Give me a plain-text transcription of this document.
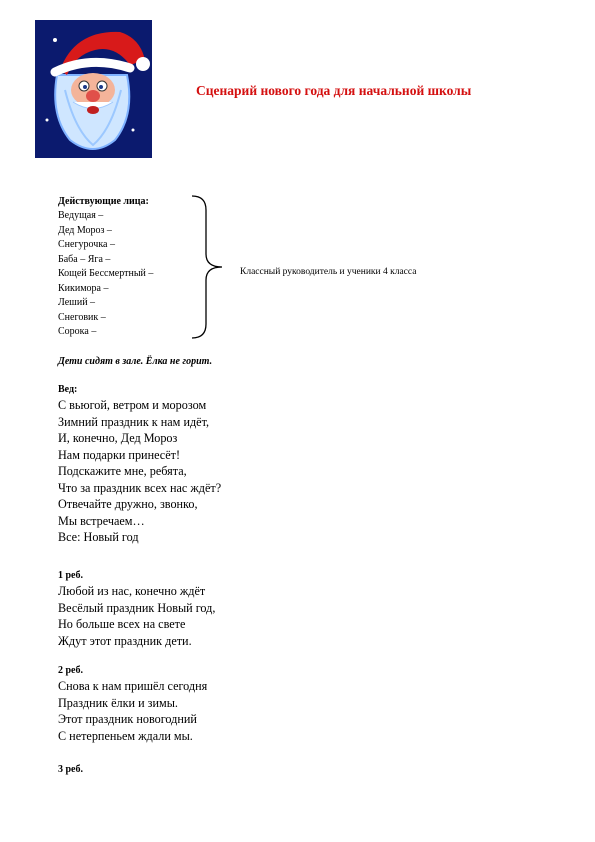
Сценарий нового года для начальной школы
Действующие лица:
Ведущая –
Дед Мороз –
Снегурочка –
Баба – Яга –
Кощей Бессмертный –
Кикимора –
Леший –
Снеговик –
Сорока –
Классный руководитель и ученики 4 класса
Дети сидят в зале. Ёлка не горит.
Вед:
С вьюгой, ветром и морозом
Зимний праздник к нам идёт,
И, конечно, Дед Мороз
Нам подарки принесёт!
Подскажите мне, ребята,
Что за праздник всех нас ждёт?
Отвечайте дружно, звонко,
Мы встречаем…
Все: Новый год
1 реб.
Любой из нас, конечно ждёт
Весёлый праздник Новый год,
Но больше всех на свете
Ждут этот праздник дети.
2 реб.
Снова к нам пришёл сегодня
Праздник ёлки и зимы.
Этот праздник новогодний
С нетерпеньем ждали мы.
3 реб.
